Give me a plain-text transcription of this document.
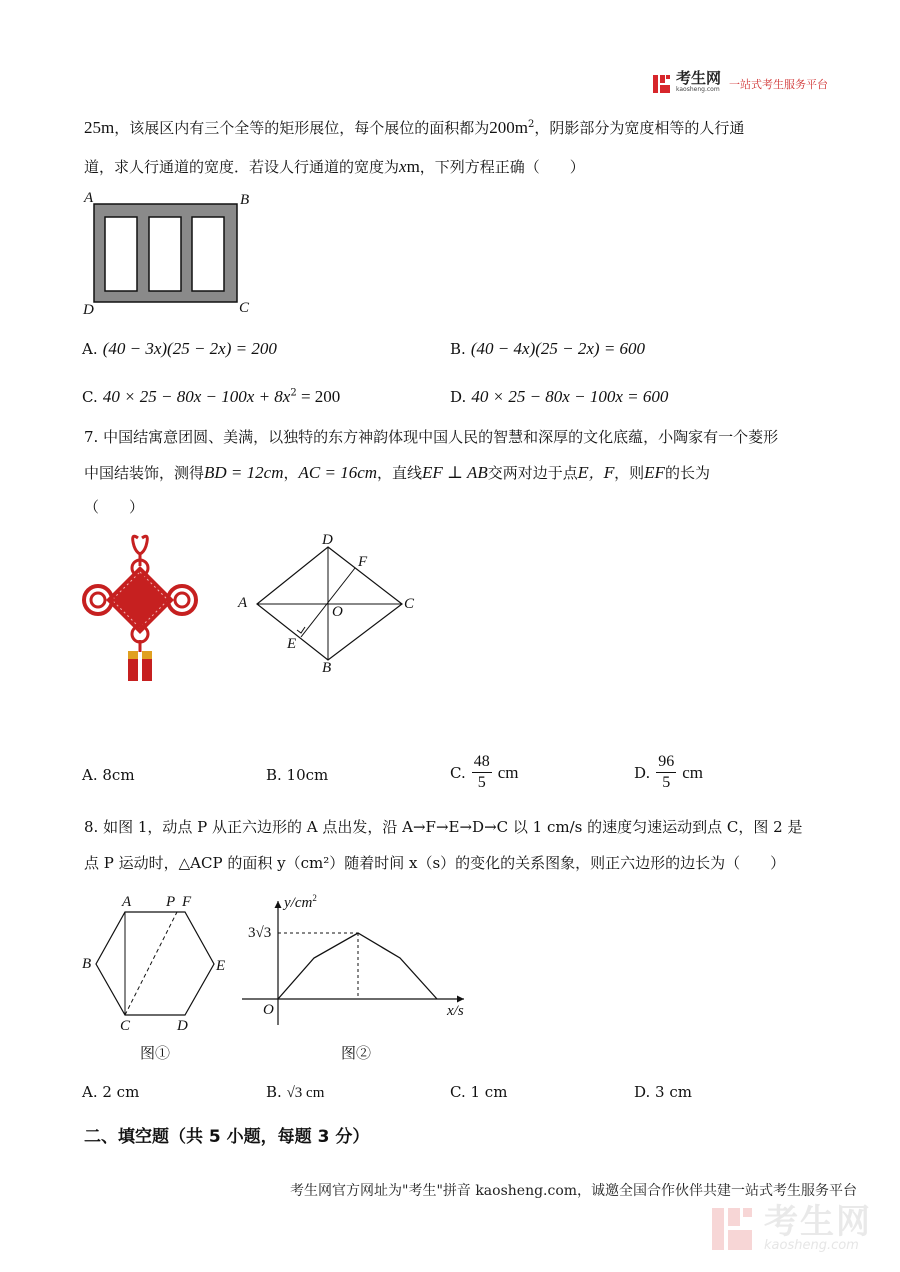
考生网
kaosheng.com 一站式考生服务平台
25m，该展区内有三个全等的矩形展位，每个展位的面积都为$200m^2$，阴影部分为宽度相等的人行通
道，求人行通道的宽度．若设人行通道的宽度为xm，下列方程正确（　　）
A	B
C
D
A. (40 − 3x)(25 − 2x) = 200	B. (40 − 4x)(25 − 2x) = 600
C. $40 \times 25 - 80x - 100x + 8x^2 = 200$	D. 40 × 25 − 80x − 100x = 600
7. 中国结寓意团圆、美满，以独特的东方神韵体现中国人民的智慧和深厚的文化底蕴，小陶家有一个菱形
中国结装饰，测得BD = 12cm，AC = 16cm，直线EF ⊥ AB交两对边于点E，F，则EF的长为
（　　）
D
F
A
O	C
E
B
A. 8cm	B. 10cm	C. $\frac{48}{5}$ cm	D. $\frac{96}{5}$ cm
8. 如图 1，动点 P 从正六边形的 A 点出发，沿 A→F→E→D→C 以 1 cm/s 的速度匀速运动到点 C，图 2 是
点 P 运动时，△ACP 的面积 y（cm²）随着时间 x（s）的变化的关系图象，则正六边形的边长为（　　）
A P F
B	E
C	D
图①
$y/cm^2$
3√3
O	x/s
图②
A. 2 cm	B. √3 cm	C. 1 cm	D. 3 cm
二、填空题（共 5 小题，每题 3 分）
考生网官方网址为"考生"拼音 kaosheng.com，诚邀全国合作伙伴共建一站式考生服务平台
考生网
kaosheng.com
